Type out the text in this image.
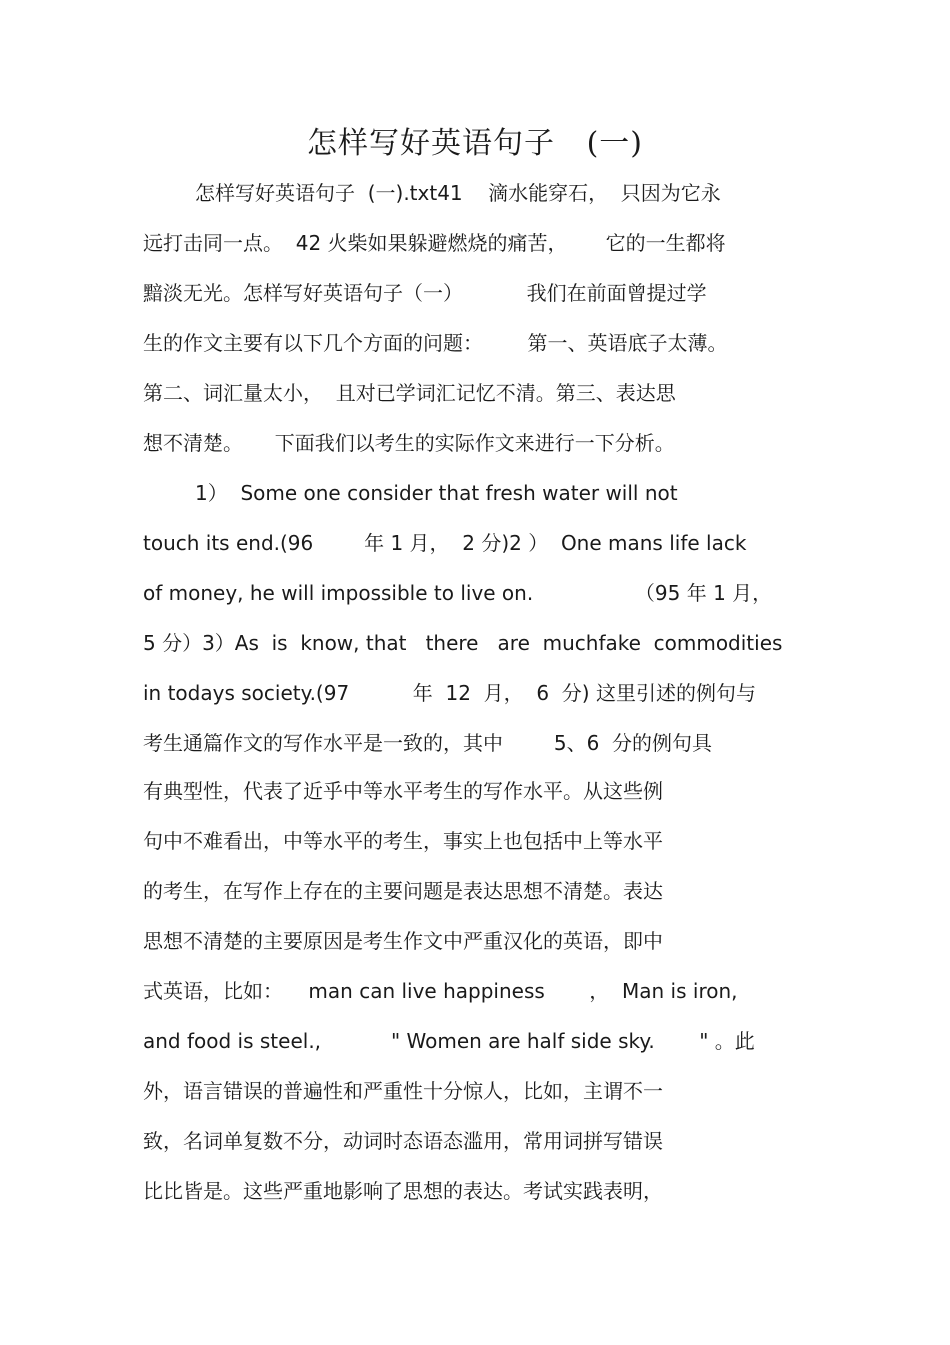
怎样写好英语句子   (一)

怎样写好英语句子  (一).txt41    滴水能穿石，  只因为它永

远打击同一点。  42 火柴如果躲避燃烧的痛苦，      它的一生都将

黯淡无光。怎样写好英语句子（一）          我们在前面曾提过学

生的作文主要有以下几个方面的问题：       第一、英语底子太薄。

第二、词汇量太小，  且对已学词汇记忆不清。第三、表达思

想不清楚。     下面我们以考生的实际作文来进行一下分析。

1）  Some one consider that fresh water will not

touch its end.(96        年 1 月，  2 分)2 ）  One mans life lack

of money, he will impossible to live on.                （95 年 1 月，

5 分）3）As  is  know, that   there   are  muchfake  commodities

in todays society.(97          年  12  月，  6  分) 这里引述的例句与

考生通篇作文的写作水平是一致的，其中        5、6  分的例句具

有典型性，代表了近乎中等水平考生的写作水平。从这些例

句中不难看出，中等水平的考生，事实上也包括中上等水平

的考生，在写作上存在的主要问题是表达思想不清楚。表达

思想不清楚的主要原因是考生作文中严重汉化的英语，即中

式英语，比如：    man can live happiness       ，  Man is iron,

and food is steel.,           " Women are half side sky.       " 。此

外，语言错误的普遍性和严重性十分惊人，比如，主谓不一

致，名词单复数不分，动词时态语态滥用，常用词拼写错误

比比皆是。这些严重地影响了思想的表达。考试实践表明，
